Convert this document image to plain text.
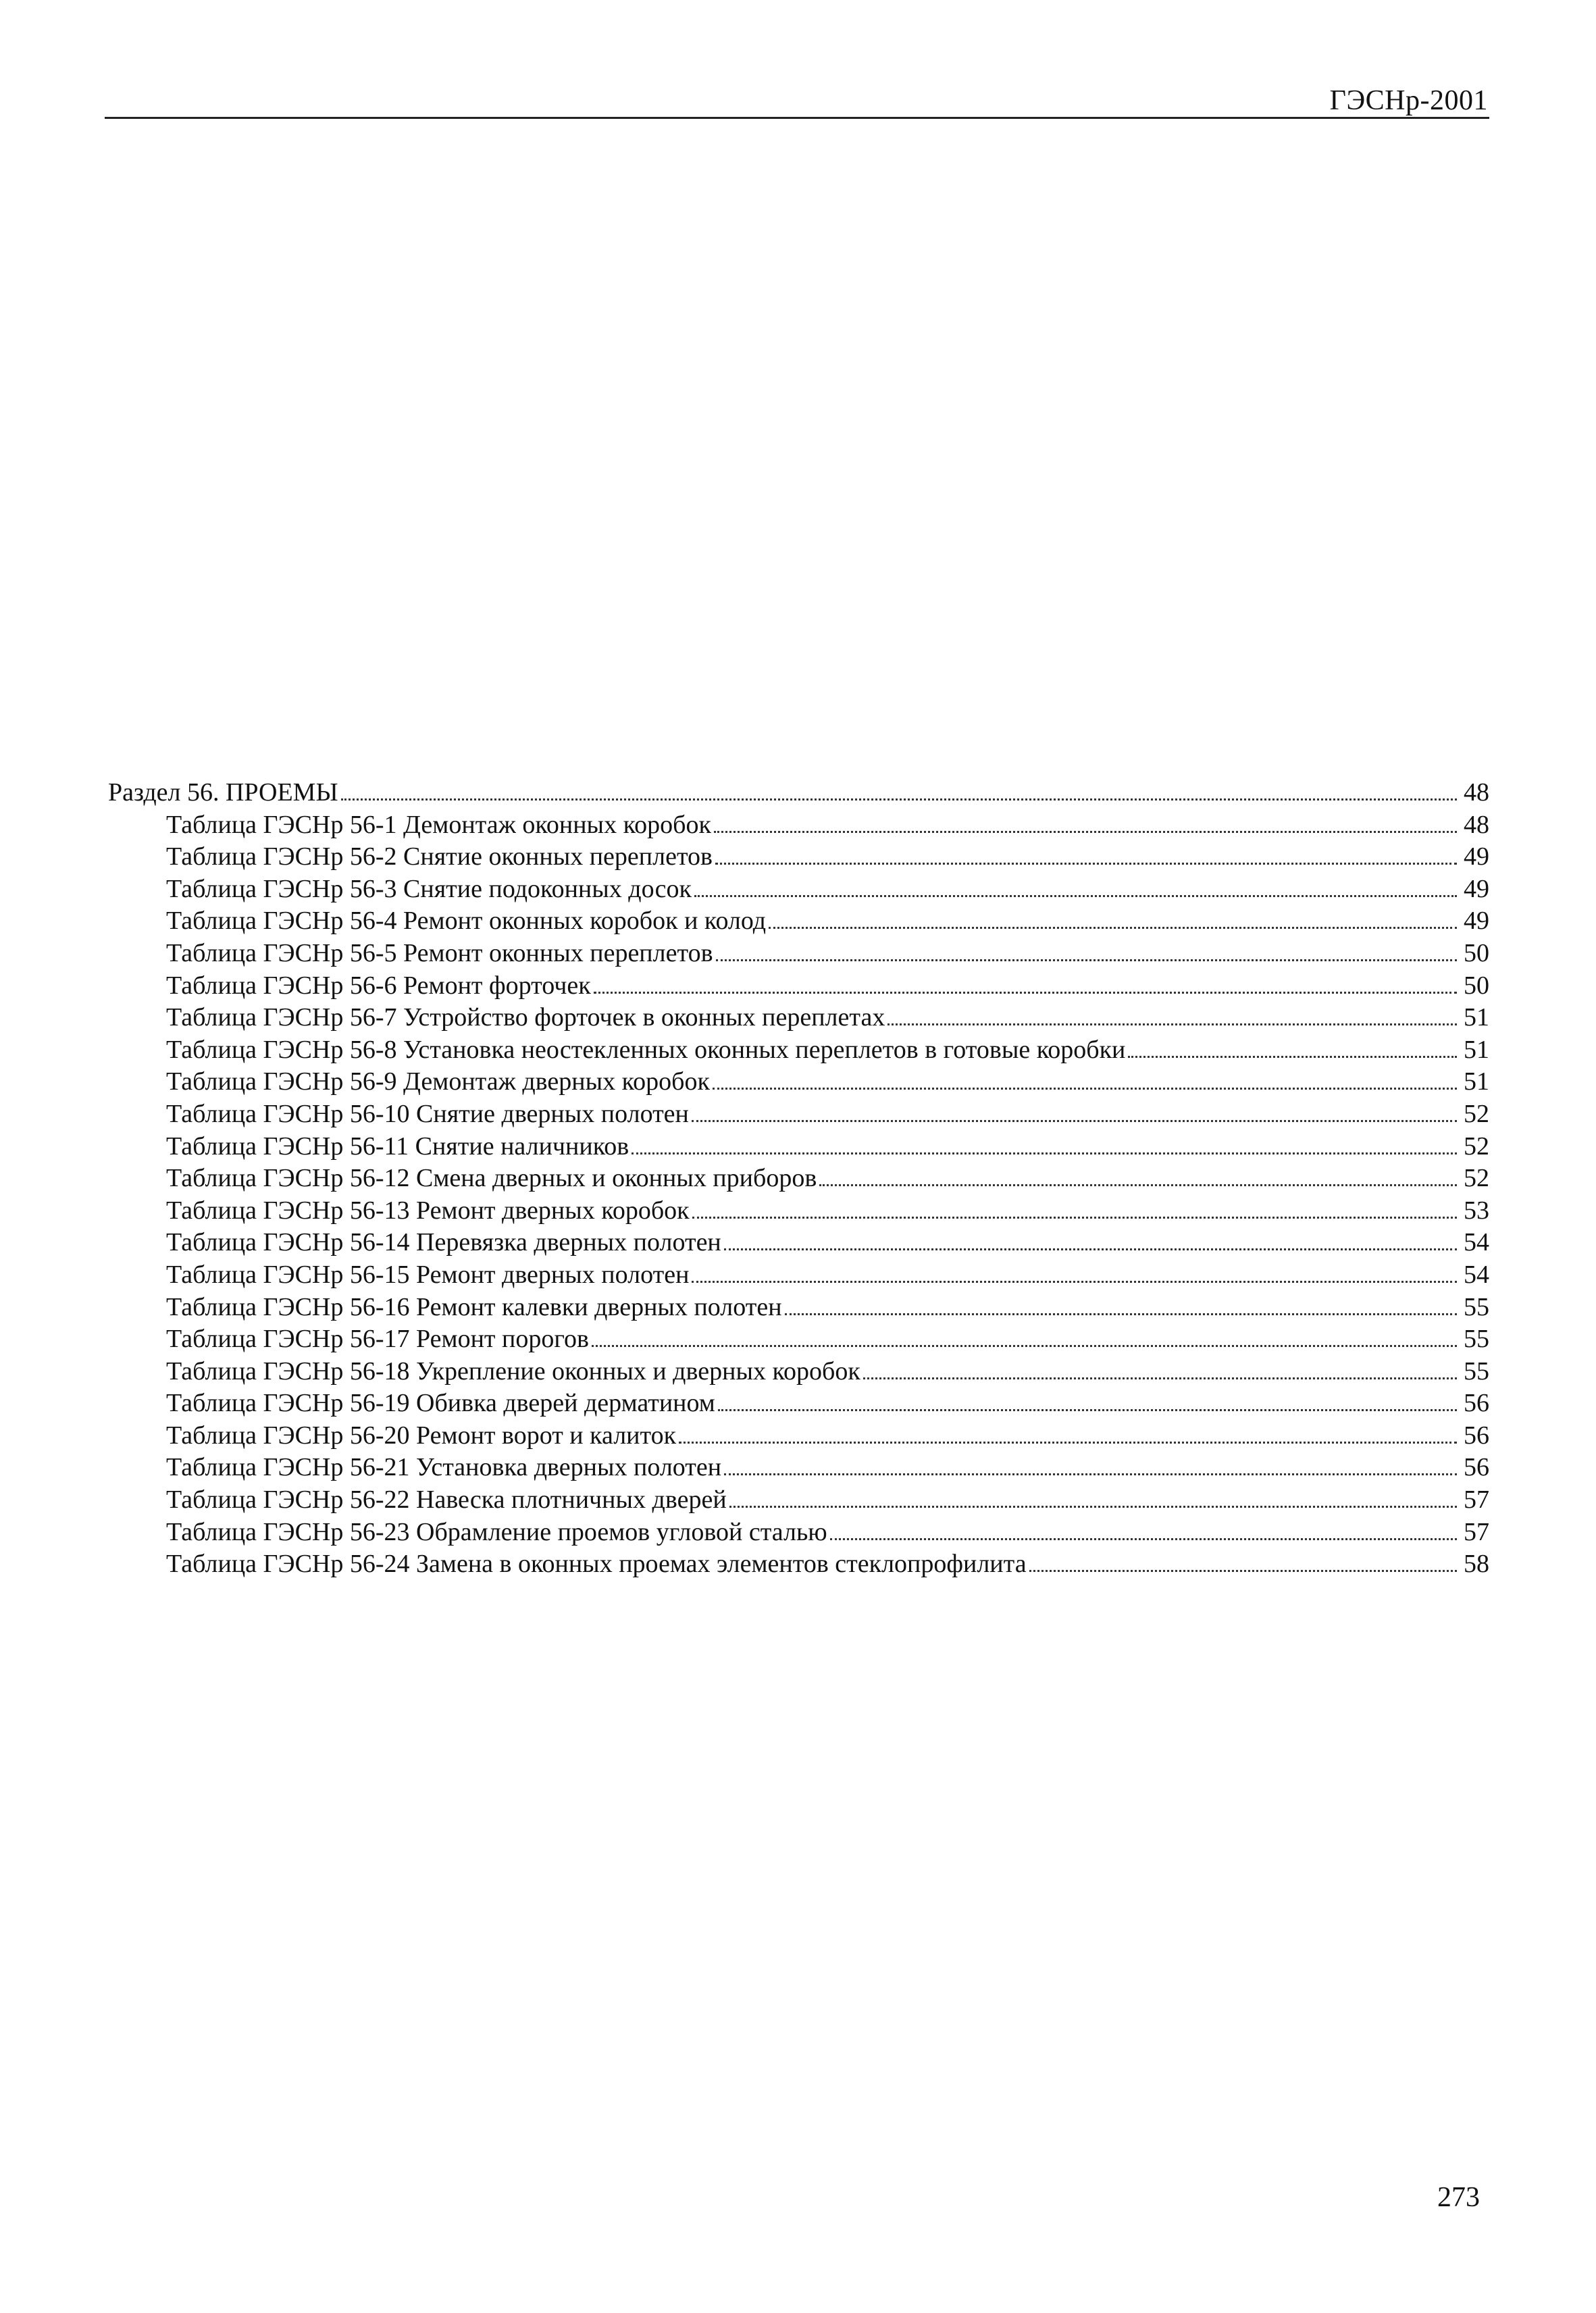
ГЭСНр-2001
Раздел 56. ПРОЕМЫ	48
Таблица ГЭСНр 56-1 Демонтаж оконных коробок	48
Таблица ГЭСНр 56-2 Снятие оконных переплетов	49
Таблица ГЭСНр 56-3 Снятие подоконных досок	49
Таблица ГЭСНр 56-4 Ремонт оконных коробок и колод	49
Таблица ГЭСНр 56-5 Ремонт оконных переплетов	50
Таблица ГЭСНр 56-6 Ремонт форточек	50
Таблица ГЭСНр 56-7 Устройство форточек в оконных переплетах	51
Таблица ГЭСНр 56-8 Установка неостекленных оконных переплетов в готовые коробки	51
Таблица ГЭСНр 56-9 Демонтаж дверных коробок	51
Таблица ГЭСНр 56-10 Снятие дверных полотен	52
Таблица ГЭСНр 56-11 Снятие наличников	52
Таблица ГЭСНр 56-12 Смена дверных и оконных приборов	52
Таблица ГЭСНр 56-13 Ремонт дверных коробок	53
Таблица ГЭСНр 56-14 Перевязка дверных полотен	54
Таблица ГЭСНр 56-15 Ремонт дверных полотен	54
Таблица ГЭСНр 56-16 Ремонт калевки дверных полотен	55
Таблица ГЭСНр 56-17 Ремонт порогов	55
Таблица ГЭСНр 56-18 Укрепление оконных и дверных коробок	55
Таблица ГЭСНр 56-19 Обивка дверей дерматином	56
Таблица ГЭСНр 56-20 Ремонт ворот и калиток	56
Таблица ГЭСНр 56-21 Установка дверных полотен	56
Таблица ГЭСНр 56-22 Навеска плотничных дверей	57
Таблица ГЭСНр 56-23 Обрамление проемов угловой сталью	57
Таблица ГЭСНр 56-24 Замена в оконных проемах элементов стеклопрофилита	58
273
